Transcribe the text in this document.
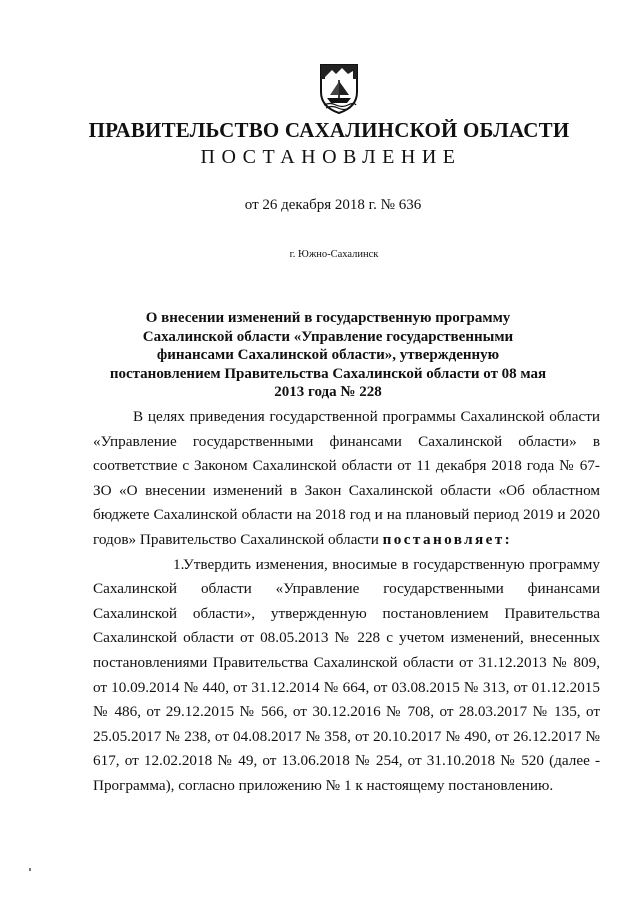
ПРАВИТЕЛЬСТВО САХАЛИНСКОЙ ОБЛАСТИ
ПОСТАНОВЛЕНИЕ
от 26 декабря 2018 г. № 636
г. Южно-Сахалинск
О внесении изменений в государственную программу Сахалинской области «Управление государственными финансами Сахалинской области», утвержденную постановлением Правительства Сахалинской области от 08 мая 2013 года № 228

В целях приведения государственной программы Сахалинской области «Управление государственными финансами Сахалинской области» в соответствие с Законом Сахалинской области от 11 декабря 2018 года № 67-ЗО «О внесении изменений в Закон Сахалинской области «Об областном бюджете Сахалинской области на 2018 год и на плановый период 2019 и 2020 годов» Правительство Сахалинской области постановляет:

1.Утвердить изменения, вносимые в государственную программу Сахалинской области «Управление государственными финансами Сахалинской области», утвержденную постановлением Правительства Сахалинской области от 08.05.2013 № 228 с учетом изменений, внесенных постановлениями Правительства Сахалинской области от 31.12.2013 № 809, от 10.09.2014 № 440, от 31.12.2014 № 664, от 03.08.2015 № 313, от 01.12.2015 № 486, от 29.12.2015 № 566, от 30.12.2016 № 708, от 28.03.2017 № 135, от 25.05.2017 № 238, от 04.08.2017 № 358, от 20.10.2017 № 490, от 26.12.2017 № 617, от 12.02.2018 № 49, от 13.06.2018 № 254, от 31.10.2018 № 520 (далее - Программа), согласно приложению № 1 к настоящему постановлению.
